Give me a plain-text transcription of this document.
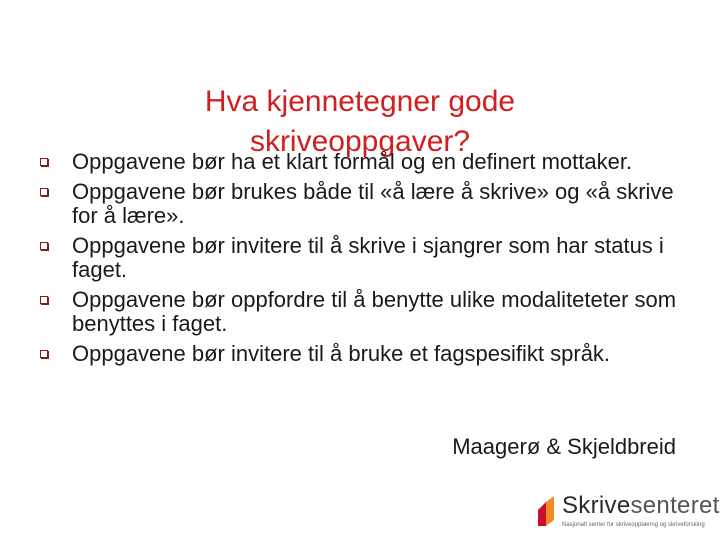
Hva kjennetegner gode
skriveoppgaver?
Oppgavene bør ha et klart formål og en definert mottaker.
Oppgavene bør brukes både til «å lære å skrive» og «å skrive for å lære».
Oppgavene bør invitere til å skrive i sjangrer som har status i faget.
Oppgavene bør oppfordre til å benytte ulike modaliteteter som benyttes i faget.
Oppgavene bør invitere til å bruke et fagspesifikt språk.
Maagerø & Skjeldbreid
Skrivesenteret
Nasjonalt senter for skriveopplæring og skriveforsking
